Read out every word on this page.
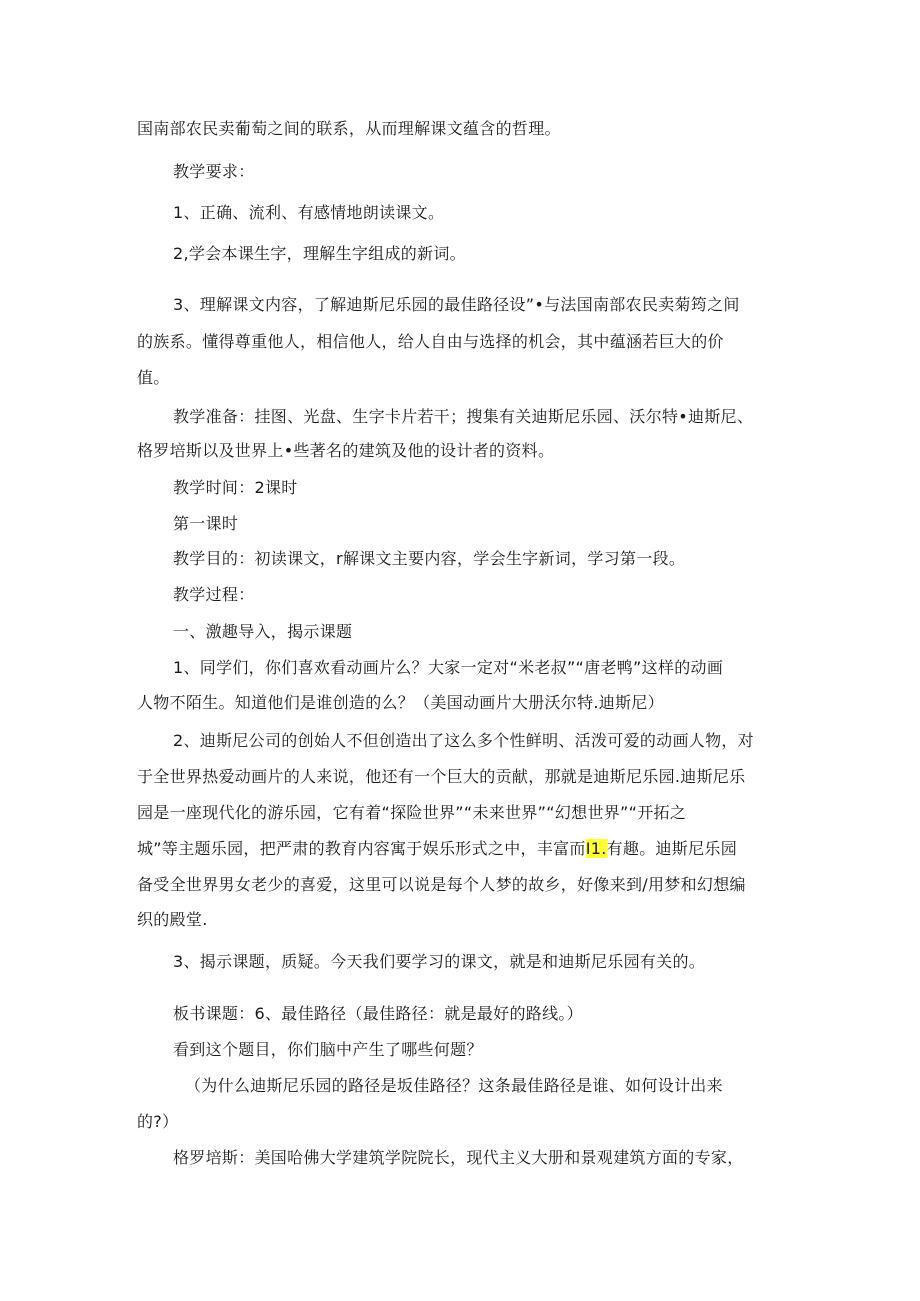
国南部农民卖葡萄之间的联系，从而理解课文蕴含的哲理。
教学要求：
1、正确、流利、有感情地朗读课文。
2,学会本课生字，理解生字组成的新词。
3、理解课文内容，了解迪斯尼乐园的最佳路径设”•与法国南部农民卖菊筠之间
的族系。懂得尊重他人，相信他人，给人自由与选择的机会，其中蕴涵若巨大的价
值。
教学准备：挂图、光盘、生字卡片若干；搜集有关迪斯尼乐园、沃尔特•迪斯尼、
格罗培斯以及世界上•些著名的建筑及他的设计者的资料。
教学时间：2课时
第一课时
教学目的：初读课文，r解课文主要内容，学会生字新词，学习第一段。
教学过程：
一、激趣导入，揭示课题
1、同学们，你们喜欢看动画片么？大家一定对“米老叔”“唐老鸭”这样的动画
人物不陌生。知道他们是谁创造的么？（美国动画片大册沃尔特.迪斯尼）
2、迪斯尼公司的创始人不但创造出了这么多个性鲜明、活泼可爱的动画人物，对
于全世界热爱动画片的人来说，他还有一个巨大的贡献，那就是迪斯尼乐园.迪斯尼乐
园是一座现代化的游乐园，它有着“探险世界”“未来世界”“幻想世界”“开拓之
城”等主题乐园，把严肃的教育内容寓于娱乐形式之中，丰富而I1.有趣。迪斯尼乐园
备受全世界男女老少的喜爱，这里可以说是每个人梦的故乡，好像来到/用梦和幻想编
织的殿堂.
3、揭示课题，质疑。今天我们要学习的课文，就是和迪斯尼乐园有关的。
板书课题：6、最佳路径（最佳路径：就是最好的路线。）
看到这个题目，你们脑中产生了哪些何题？
（为什么迪斯尼乐园的路径是坂佳路径？这条最佳路径是谁、如何设计出来
的?）
格罗培斯：美国哈佛大学建筑学院院长，现代主义大册和景观建筑方面的专家，
